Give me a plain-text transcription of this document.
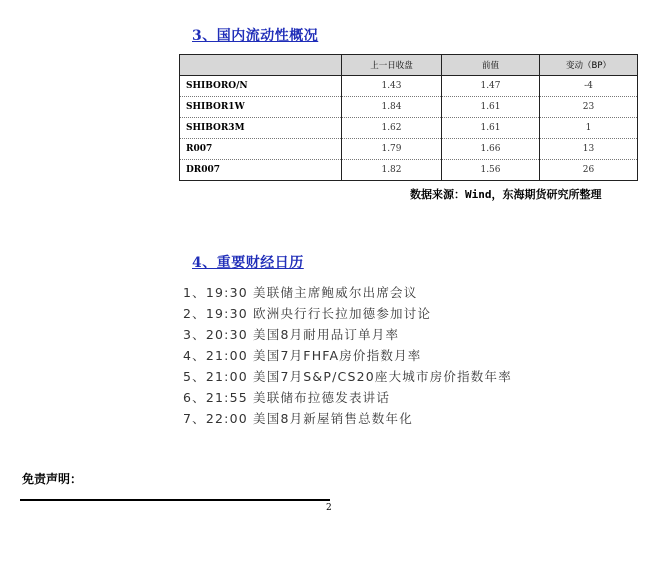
3、国内流动性概况
	上一日收盘	前值	变动（BP）
SHIBORO/N	1.43	1.47	-4
SHIBOR1W	1.84	1.61	23
SHIBOR3M	1.62	1.61	1
R007	1.79	1.66	13
DR007	1.82	1.56	26
数据来源：Wind，东海期货研究所整理
4、重要财经日历
1、19:30 美联储主席鲍威尔出席会议
2、19:30 欧洲央行行长拉加德参加讨论
3、20:30 美国8月耐用品订单月率
4、21:00 美国7月FHFA房价指数月率
5、21:00 美国7月S&P/CS20座大城市房价指数年率
6、21:55 美联储布拉德发表讲话
7、22:00 美国8月新屋销售总数年化
免责声明：
2
